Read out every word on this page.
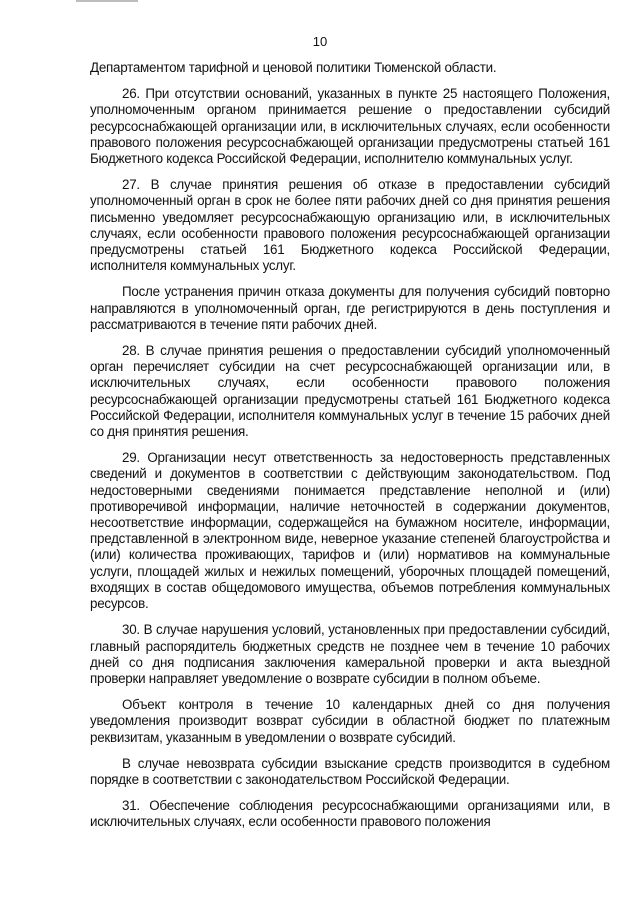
10

Департаментом тарифной и ценовой политики Тюменской области.

26. При отсутствии оснований, указанных в пункте 25 настоящего Положения, уполномоченным органом принимается решение о предоставлении субсидий ресурсоснабжающей организации или, в исключительных случаях, если особенности правового положения ресурсоснабжающей организации предусмотрены статьей 161 Бюджетного кодекса Российской Федерации, исполнителю коммунальных услуг.

27. В случае принятия решения об отказе в предоставлении субсидий уполномоченный орган в срок не более пяти рабочих дней со дня принятия решения письменно уведомляет ресурсоснабжающую организацию или, в исключительных случаях, если особенности правового положения ресурсоснабжающей организации предусмотрены статьей 161 Бюджетного кодекса Российской Федерации, исполнителя коммунальных услуг.

После устранения причин отказа документы для получения субсидий повторно направляются в уполномоченный орган, где регистрируются в день поступления и рассматриваются в течение пяти рабочих дней.

28. В случае принятия решения о предоставлении субсидий уполномоченный орган перечисляет субсидии на счет ресурсоснабжающей организации или, в исключительных случаях, если особенности правового положения ресурсоснабжающей организации предусмотрены статьей 161 Бюджетного кодекса Российской Федерации, исполнителя коммунальных услуг в течение 15 рабочих дней со дня принятия решения.

29. Организации несут ответственность за недостоверность представленных сведений и документов в соответствии с действующим законодательством. Под недостоверными сведениями понимается представление неполной и (или) противоречивой информации, наличие неточностей в содержании документов, несоответствие информации, содержащейся на бумажном носителе, информации, представленной в электронном виде, неверное указание степеней благоустройства и (или) количества проживающих, тарифов и (или) нормативов на коммунальные услуги, площадей жилых и нежилых помещений, уборочных площадей помещений, входящих в состав общедомового имущества, объемов потребления коммунальных ресурсов.

30. В случае нарушения условий, установленных при предоставлении субсидий, главный распорядитель бюджетных средств не позднее чем в течение 10 рабочих дней со дня подписания заключения камеральной проверки и акта выездной проверки направляет уведомление о возврате субсидии в полном объеме.

Объект контроля в течение 10 календарных дней со дня получения уведомления производит возврат субсидии в областной бюджет по платежным реквизитам, указанным в уведомлении о возврате субсидий.

В случае невозврата субсидии взыскание средств производится в судебном порядке в соответствии с законодательством Российской Федерации.

31. Обеспечение соблюдения ресурсоснабжающими организациями или, в исключительных случаях, если особенности правового положения
